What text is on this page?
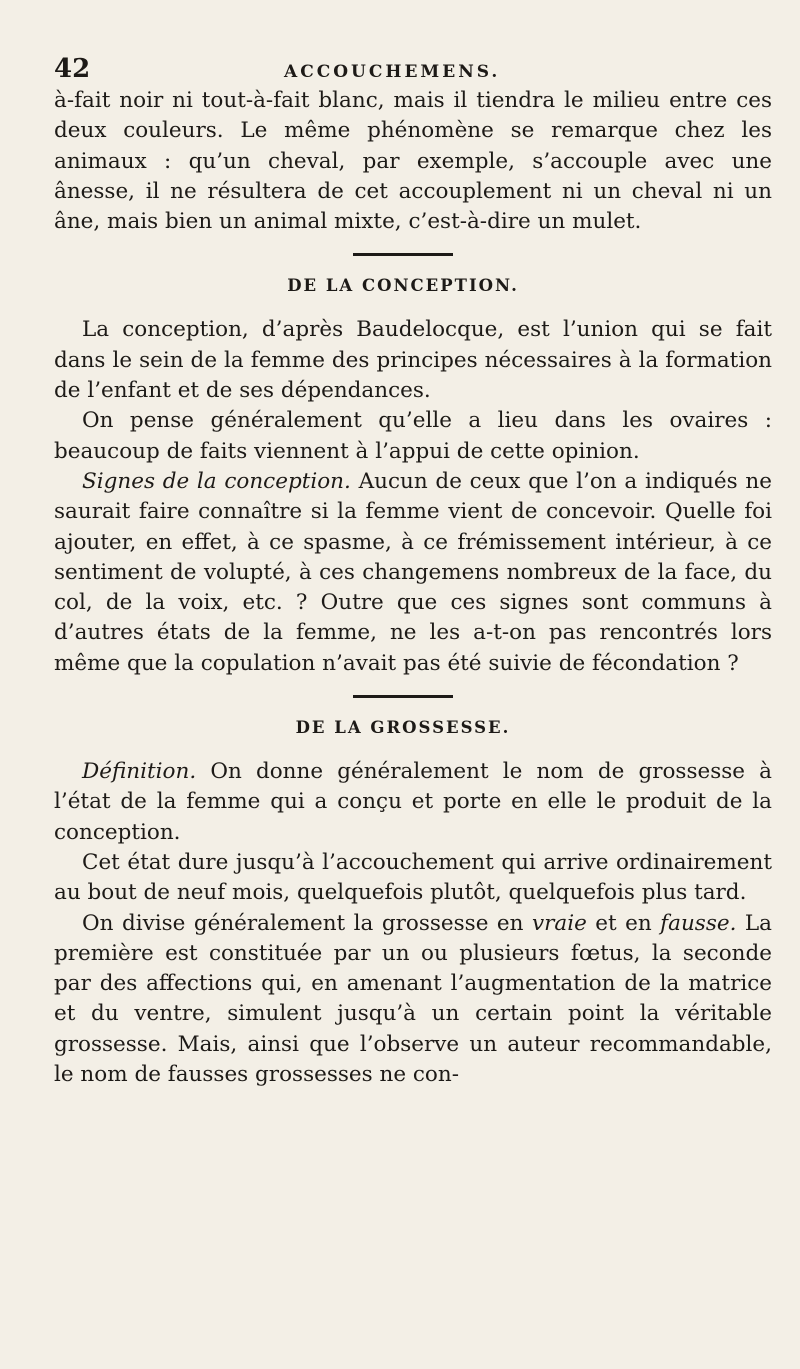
42	ACCOUCHEMENS.

à-fait noir ni tout-à-fait blanc, mais il tiendra le milieu entre ces deux couleurs. Le même phénomène se remarque chez les animaux : qu’un cheval, par exemple, s’accouple avec une ânesse, il ne résultera de cet accouplement ni un cheval ni un âne, mais bien un animal mixte, c’est-à-dire un mulet.

DE LA CONCEPTION.

La conception, d’après Baudelocque, est l’union qui se fait dans le sein de la femme des principes nécessaires à la formation de l’enfant et de ses dépendances.

On pense généralement qu’elle a lieu dans les ovaires : beaucoup de faits viennent à l’appui de cette opinion.

Signes de la conception. Aucun de ceux que l’on a indiqués ne saurait faire connaître si la femme vient de concevoir. Quelle foi ajouter, en effet, à ce spasme, à ce frémissement intérieur, à ce sentiment de volupté, à ces changemens nombreux de la face, du col, de la voix, etc. ? Outre que ces signes sont communs à d’autres états de la femme, ne les a-t-on pas rencontrés lors même que la copulation n’avait pas été suivie de fécondation ?

DE LA GROSSESSE.

Définition. On donne généralement le nom de grossesse à l’état de la femme qui a conçu et porte en elle le produit de la conception.

Cet état dure jusqu’à l’accouchement qui arrive ordinairement au bout de neuf mois, quelquefois plutôt, quelquefois plus tard.

On divise généralement la grossesse en vraie et en fausse. La première est constituée par un ou plusieurs fœtus, la seconde par des affections qui, en amenant l’augmentation de la matrice et du ventre, simulent jusqu’à un certain point la véritable grossesse. Mais, ainsi que l’observe un auteur recommandable, le nom de fausses grossesses ne con-
